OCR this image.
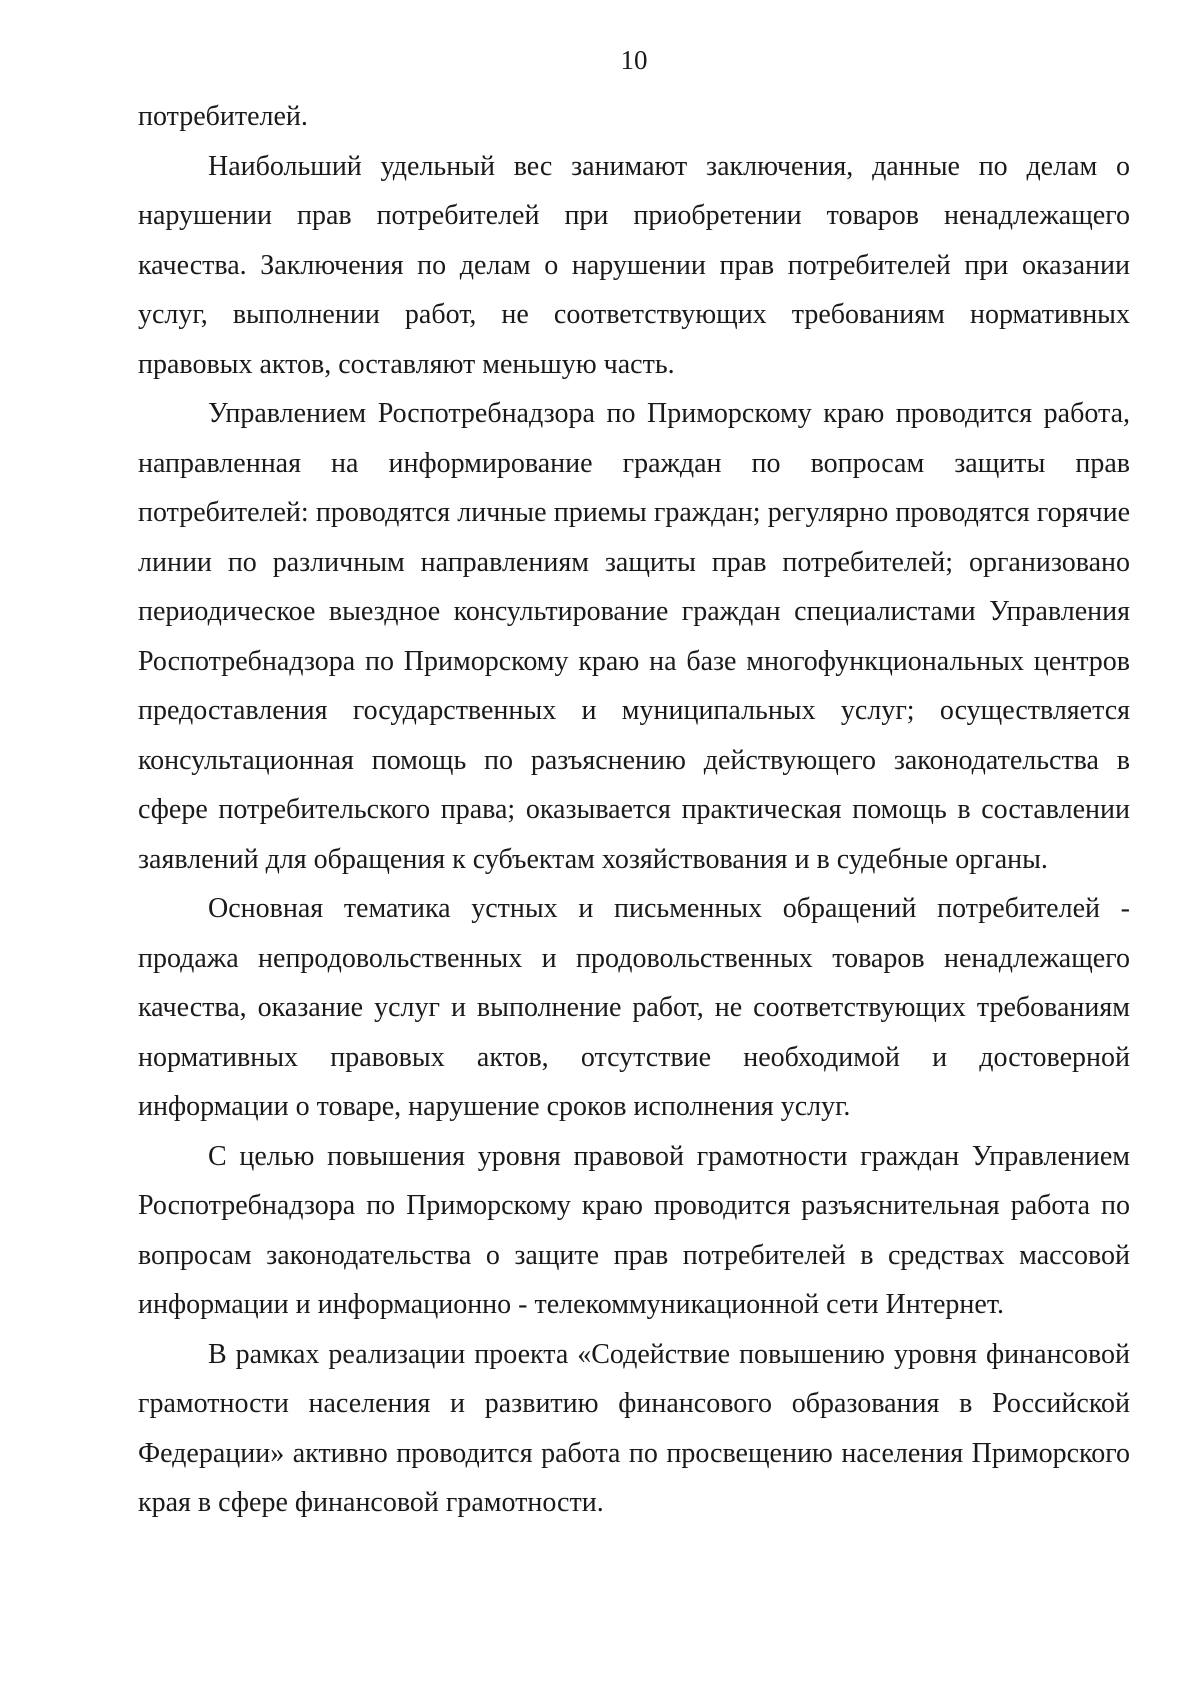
10

потребителей.

Наибольший удельный вес занимают заключения, данные по делам о нарушении прав потребителей при приобретении товаров ненадлежащего качества. Заключения по делам о нарушении прав потребителей при оказании услуг, выполнении работ, не соответствующих требованиям нормативных правовых актов, составляют меньшую часть.

Управлением Роспотребнадзора по Приморскому краю проводится работа, направленная на информирование граждан по вопросам защиты прав потребителей: проводятся личные приемы граждан; регулярно проводятся горячие линии по различным направлениям защиты прав потребителей; организовано периодическое выездное консультирование граждан специалистами Управления Роспотребнадзора по Приморскому краю на базе многофункциональных центров предоставления государственных и муниципальных услуг; осуществляется консультационная помощь по разъяснению действующего законодательства в сфере потребительского права; оказывается практическая помощь в составлении заявлений для обращения к субъектам хозяйствования и в судебные органы.

Основная тематика устных и письменных обращений потребителей - продажа непродовольственных и продовольственных товаров ненадлежащего качества, оказание услуг и выполнение работ, не соответствующих требованиям нормативных правовых актов, отсутствие необходимой и достоверной информации о товаре, нарушение сроков исполнения услуг.

С целью повышения уровня правовой грамотности граждан Управлением Роспотребнадзора по Приморскому краю проводится разъяснительная работа по вопросам законодательства о защите прав потребителей в средствах массовой информации и информационно - телекоммуникационной сети Интернет.

В рамках реализации проекта «Содействие повышению уровня финансовой грамотности населения и развитию финансового образования в Российской Федерации» активно проводится работа по просвещению населения Приморского края в сфере финансовой грамотности.
